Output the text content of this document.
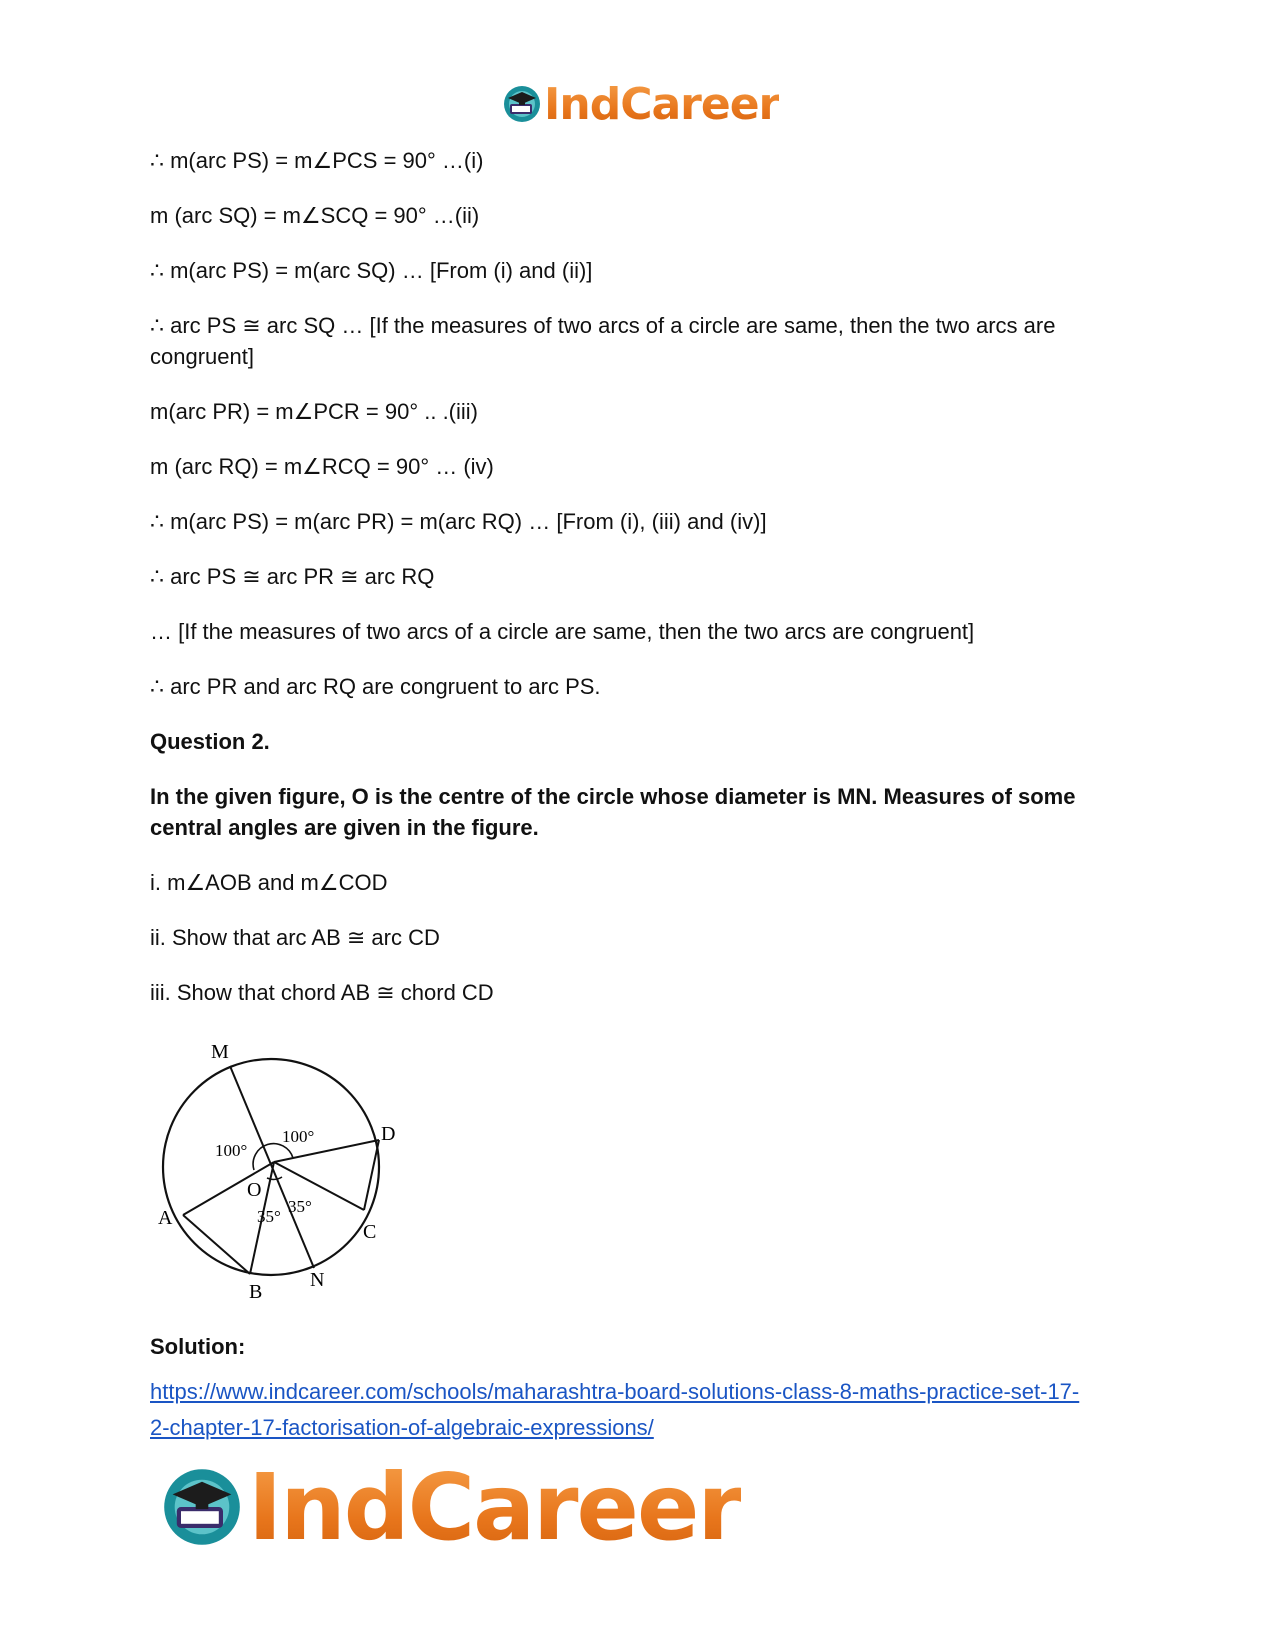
IndCareer

∴ m(arc PS) = m∠PCS = 90° …(i)

m (arc SQ) = m∠SCQ = 90° …(ii)

∴ m(arc PS) = m(arc SQ) … [From (i) and (ii)]

∴ arc PS ≅ arc SQ … [If the measures of two arcs of a circle are same, then the two arcs are congruent]

m(arc PR) = m∠PCR = 90° .. .(iii)

m (arc RQ) = m∠RCQ = 90° … (iv)

∴ m(arc PS) = m(arc PR) = m(arc RQ) … [From (i), (iii) and (iv)]

∴ arc PS ≅ arc PR ≅ arc RQ

… [If the measures of two arcs of a circle are same, then the two arcs are congruent]

∴ arc PR and arc RQ are congruent to arc PS.

Question 2.

In the given figure, O is the centre of the circle whose diameter is MN. Measures of some central angles are given in the figure.

i. m∠AOB and m∠COD

ii. Show that arc AB ≅ arc CD

iii. Show that chord AB ≅ chord CD

M
D
O
A
C
B
N
100°
100°
35°
35°

Solution:

https://www.indcareer.com/schools/maharashtra-board-solutions-class-8-maths-practice-set-17-
2-chapter-17-factorisation-of-algebraic-expressions/
IndCareer
